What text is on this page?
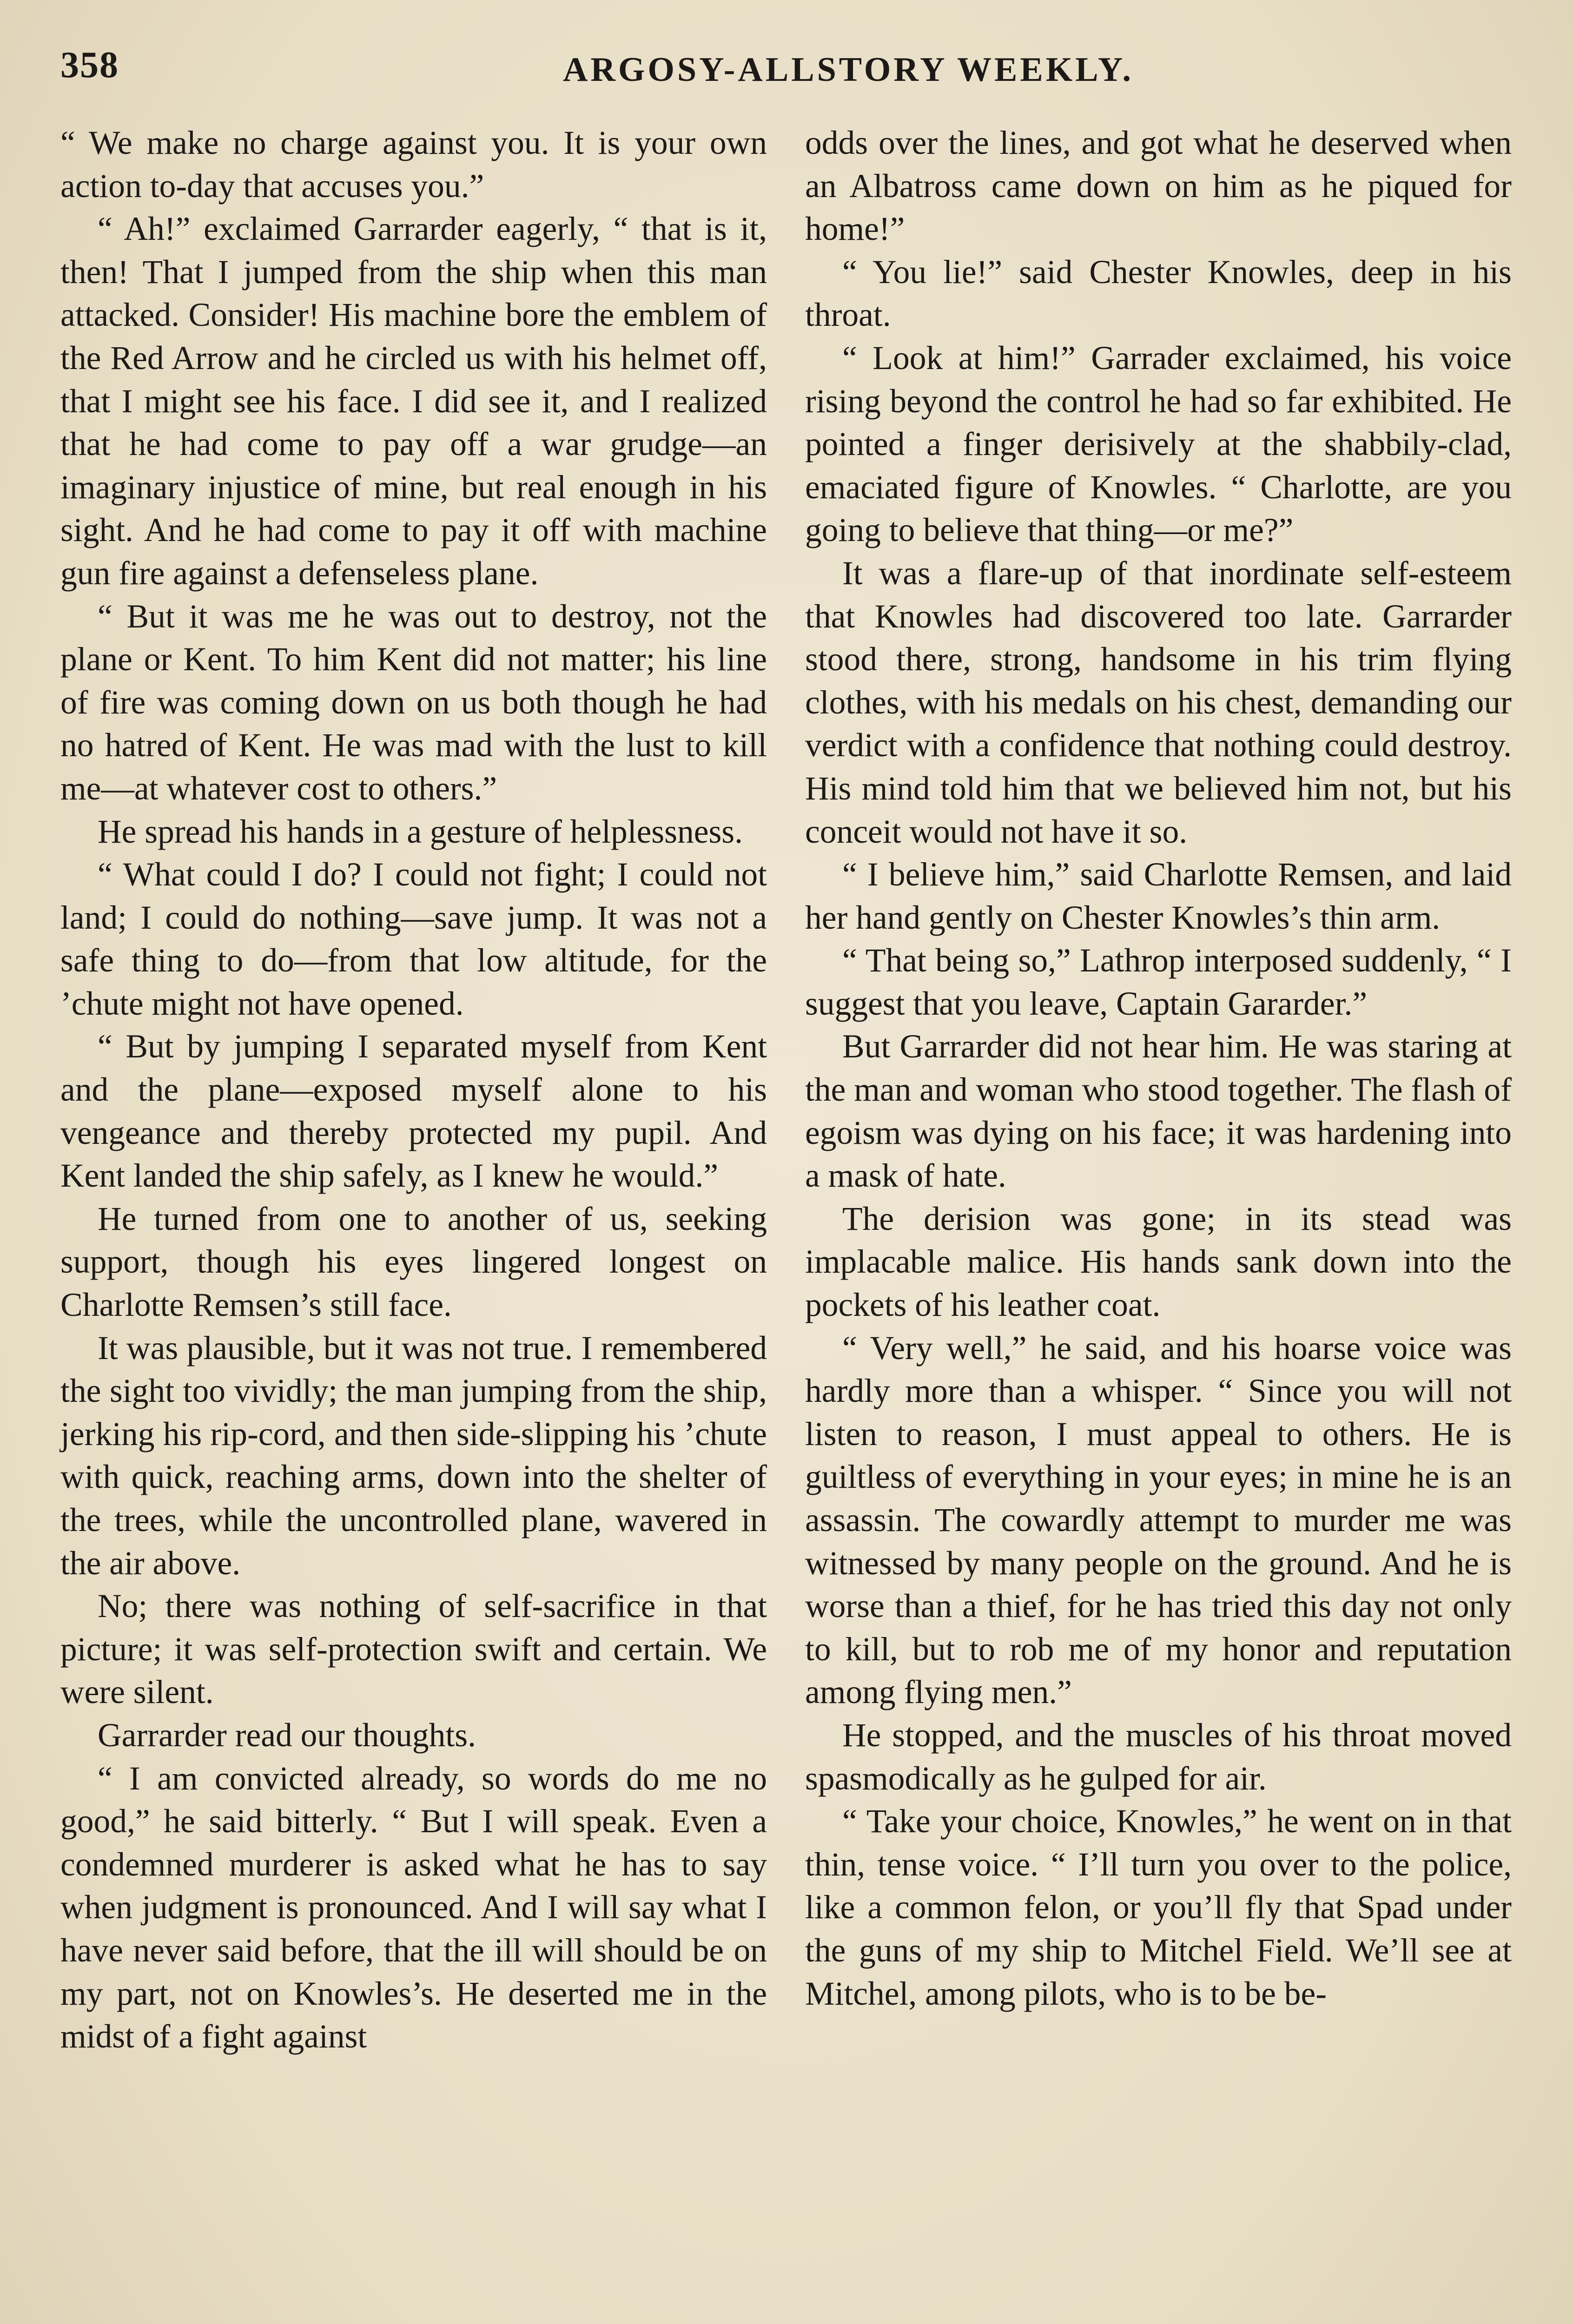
358	ARGOSY-ALLSTORY WEEKLY.

“ We make no charge against you. It is your own action to-day that accuses you.”

“ Ah!” exclaimed Garrarder eagerly, “ that is it, then! That I jumped from the ship when this man attacked. Consider! His machine bore the emblem of the Red Arrow and he circled us with his helmet off, that I might see his face. I did see it, and I realized that he had come to pay off a war grudge—an imaginary injustice of mine, but real enough in his sight. And he had come to pay it off with machine gun fire against a defenseless plane.

“ But it was me he was out to destroy, not the plane or Kent. To him Kent did not matter; his line of fire was coming down on us both though he had no hatred of Kent. He was mad with the lust to kill me—at whatever cost to others.”

He spread his hands in a gesture of helplessness.

“ What could I do? I could not fight; I could not land; I could do nothing—save jump. It was not a safe thing to do—from that low altitude, for the ’chute might not have opened.

“ But by jumping I separated myself from Kent and the plane—exposed myself alone to his vengeance and thereby protected my pupil. And Kent landed the ship safely, as I knew he would.”

He turned from one to another of us, seeking support, though his eyes lingered longest on Charlotte Remsen’s still face.

It was plausible, but it was not true. I remembered the sight too vividly; the man jumping from the ship, jerking his rip-cord, and then side-slipping his ’chute with quick, reaching arms, down into the shelter of the trees, while the uncontrolled plane, wavered in the air above.

No; there was nothing of self-sacrifice in that picture; it was self-protection swift and certain. We were silent.

Garrarder read our thoughts.

“ I am convicted already, so words do me no good,” he said bitterly. “ But I will speak. Even a condemned murderer is asked what he has to say when judgment is pronounced. And I will say what I have never said before, that the ill will should be on my part, not on Knowles’s. He deserted me in the midst of a fight against

odds over the lines, and got what he deserved when an Albatross came down on him as he piqued for home!”

“ You lie!” said Chester Knowles, deep in his throat.

“ Look at him!” Garrader exclaimed, his voice rising beyond the control he had so far exhibited. He pointed a finger derisively at the shabbily-clad, emaciated figure of Knowles. “ Charlotte, are you going to believe that thing—or me?”

It was a flare-up of that inordinate self-esteem that Knowles had discovered too late. Garrarder stood there, strong, handsome in his trim flying clothes, with his medals on his chest, demanding our verdict with a confidence that nothing could destroy. His mind told him that we believed him not, but his conceit would not have it so.

“ I believe him,” said Charlotte Remsen, and laid her hand gently on Chester Knowles’s thin arm.

“ That being so,” Lathrop interposed suddenly, “ I suggest that you leave, Captain Gararder.”

But Garrarder did not hear him. He was staring at the man and woman who stood together. The flash of egoism was dying on his face; it was hardening into a mask of hate.

The derision was gone; in its stead was implacable malice. His hands sank down into the pockets of his leather coat.

“ Very well,” he said, and his hoarse voice was hardly more than a whisper. “ Since you will not listen to reason, I must appeal to others. He is guiltless of everything in your eyes; in mine he is an assassin. The cowardly attempt to murder me was witnessed by many people on the ground. And he is worse than a thief, for he has tried this day not only to kill, but to rob me of my honor and reputation among flying men.”

He stopped, and the muscles of his throat moved spasmodically as he gulped for air.

“ Take your choice, Knowles,” he went on in that thin, tense voice. “ I’ll turn you over to the police, like a common felon, or you’ll fly that Spad under the guns of my ship to Mitchel Field. We’ll see at Mitchel, among pilots, who is to be be-
